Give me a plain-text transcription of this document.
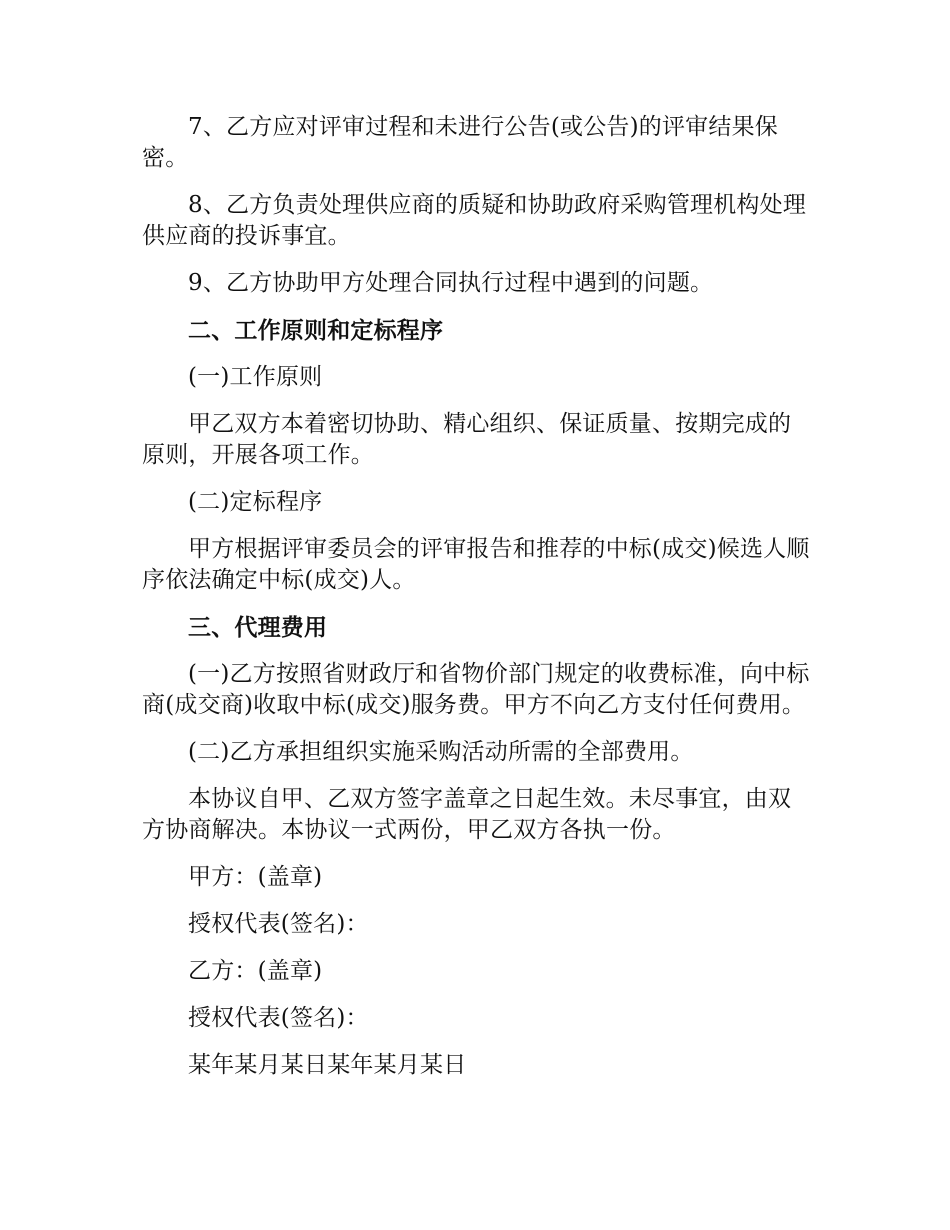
7、乙方应对评审过程和未进行公告(或公告)的评审结果保密。

8、乙方负责处理供应商的质疑和协助政府采购管理机构处理供应商的投诉事宜。

9、乙方协助甲方处理合同执行过程中遇到的问题。

二、工作原则和定标程序

(一)工作原则

甲乙双方本着密切协助、精心组织、保证质量、按期完成的原则，开展各项工作。

(二)定标程序

甲方根据评审委员会的评审报告和推荐的中标(成交)候选人顺序依法确定中标(成交)人。

三、代理费用

(一)乙方按照省财政厅和省物价部门规定的收费标准，向中标商(成交商)收取中标(成交)服务费。甲方不向乙方支付任何费用。

(二)乙方承担组织实施采购活动所需的全部费用。

本协议自甲、乙双方签字盖章之日起生效。未尽事宜，由双方协商解决。本协议一式两份，甲乙双方各执一份。

甲方：(盖章)

授权代表(签名)：

乙方：(盖章)

授权代表(签名)：

某年某月某日某年某月某日
